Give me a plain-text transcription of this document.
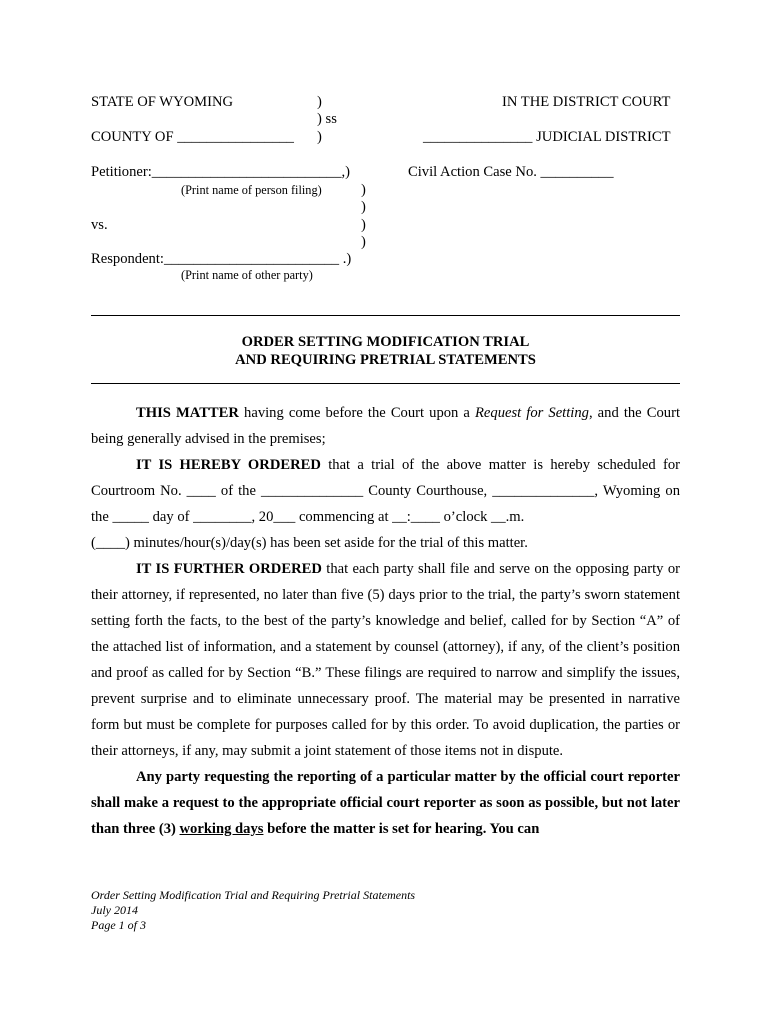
STATE OF WYOMING	)	IN THE DISTRICT COURT
) ss
COUNTY OF ________________ )	_______________ JUDICIAL DISTRICT
Petitioner:__________________________,)	Civil Action Case No. __________
(Print name of person filing)	)
)
vs.	)
)
Respondent:________________________ .)
(Print name of other party)
ORDER SETTING MODIFICATION TRIAL
AND REQUIRING PRETRIAL STATEMENTS

THIS MATTER having come before the Court upon a Request for Setting, and the Court being generally advised in the premises;

IT IS HEREBY ORDERED that a trial of the above matter is hereby scheduled for Courtroom No. ____ of the ______________ County Courthouse, ______________, Wyoming on the _____ day of ________, 20___ commencing at __:____ o’clock __.m.

(____) minutes/hour(s)/day(s) has been set aside for the trial of this matter.

IT IS FURTHER ORDERED that each party shall file and serve on the opposing party or their attorney, if represented, no later than five (5) days prior to the trial, the party’s sworn statement setting forth the facts, to the best of the party’s knowledge and belief, called for by Section “A” of the attached list of information, and a statement by counsel (attorney), if any, of the client’s position and proof as called for by Section “B.” These filings are required to narrow and simplify the issues, prevent surprise and to eliminate unnecessary proof. The material may be presented in narrative form but must be complete for purposes called for by this order. To avoid duplication, the parties or their attorneys, if any, may submit a joint statement of those items not in dispute.

Any party requesting the reporting of a particular matter by the official court reporter shall make a request to the appropriate official court reporter as soon as possible, but not later than three (3) working days before the matter is set for hearing. You can

Order Setting Modification Trial and Requiring Pretrial Statements
July 2014
Page 1 of 3
